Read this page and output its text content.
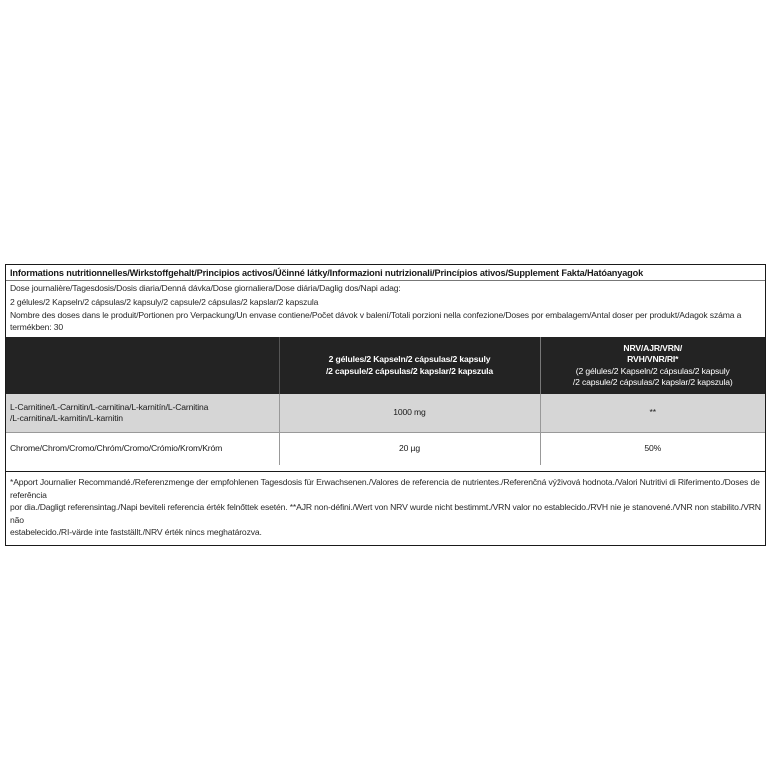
Informations nutritionnelles/Wirkstoffgehalt/Principios activos/Účinné látky/Informazioni nutrizionali/Princípios ativos/Supplement Fakta/Hatóanyagok
Dose journalière/Tagesdosis/Dosis diaria/Denná dávka/Dose giornaliera/Dose diária/Daglig dos/Napi adag:
2 gélules/2 Kapseln/2 cápsulas/2 kapsuly/2 capsule/2 cápsulas/2 kapslar/2 kapszula
Nombre des doses dans le produit/Portionen pro Verpackung/Un envase contiene/Počet dávok v balení/Totali porzioni nella confezione/Doses por embalagem/Antal doser per produkt/Adagok száma a termékben: 30
	2 gélules/2 Kapseln/2 cápsulas/2 kapsuly
/2 capsule/2 cápsulas/2 kapslar/2 kapszula	NRV/AJR/VRN/
RVH/VNR/RI*
(2 gélules/2 Kapseln/2 cápsulas/2 kapsuly
/2 capsule/2 cápsulas/2 kapslar/2 kapszula)

L-Carnitine/L-Carnitin/L-carnitina/L-karnitín/L-Carnitina
/L-carnitina/L-karnitin/L-karnitin	1000 mg	**
Chrome/Chrom/Cromo/Chróm/Cromo/Crómio/Krom/Króm	20 µg	50%
*Apport Journalier Recommandé./Referenzmenge der empfohlenen Tagesdosis für Erwachsenen./Valores de referencia de nutrientes./Referenčná výživová hodnota./Valori Nutritivi di Riferimento./Doses de referência
por dia./Dagligt referensintag./Napi beviteli referencia érték felnőttek esetén. **AJR non-défini./Wert von NRV wurde nicht bestimmt./VRN valor no establecido./RVH nie je stanovené./VNR non stabilito./VRN não
estabelecido./RI-värde inte fastställt./NRV érték nincs meghatározva.
